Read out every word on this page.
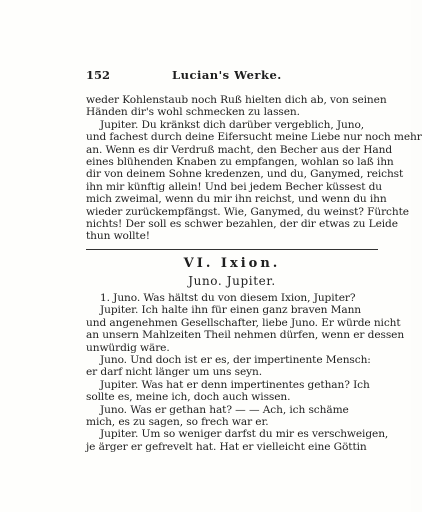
152	Lucian's Werke.
weder Kohlenstaub noch Ruß hielten dich ab, von seinen
Händen dir's wohl schmecken zu lassen.
Jupiter. Du kränkst dich darüber vergeblich, Juno,
und fachest durch deine Eifersucht meine Liebe nur noch mehr
an. Wenn es dir Verdruß macht, den Becher aus der Hand
eines blühenden Knaben zu empfangen, wohlan so laß ihn
dir von deinem Sohne kredenzen, und du, Ganymed, reichst
ihn mir künftig allein! Und bei jedem Becher küssest du
mich zweimal, wenn du mir ihn reichst, und wenn du ihn
wieder zurückempfängst. Wie, Ganymed, du weinst? Fürchte
nichts! Der soll es schwer bezahlen, der dir etwas zu Leide
thun wollte!
VI. Ixion.
Juno. Jupiter.
1. Juno. Was hältst du von diesem Ixion, Jupiter?
Jupiter. Ich halte ihn für einen ganz braven Mann
und angenehmen Gesellschafter, liebe Juno. Er würde nicht
an unsern Mahlzeiten Theil nehmen dürfen, wenn er dessen
unwürdig wäre.
Juno. Und doch ist er es, der impertinente Mensch:
er darf nicht länger um uns seyn.
Jupiter. Was hat er denn impertinentes gethan? Ich
sollte es, meine ich, doch auch wissen.
Juno. Was er gethan hat? — — Ach, ich schäme
mich, es zu sagen, so frech war er.
Jupiter. Um so weniger darfst du mir es verschweigen,
je ärger er gefrevelt hat. Hat er vielleicht eine Göttin
